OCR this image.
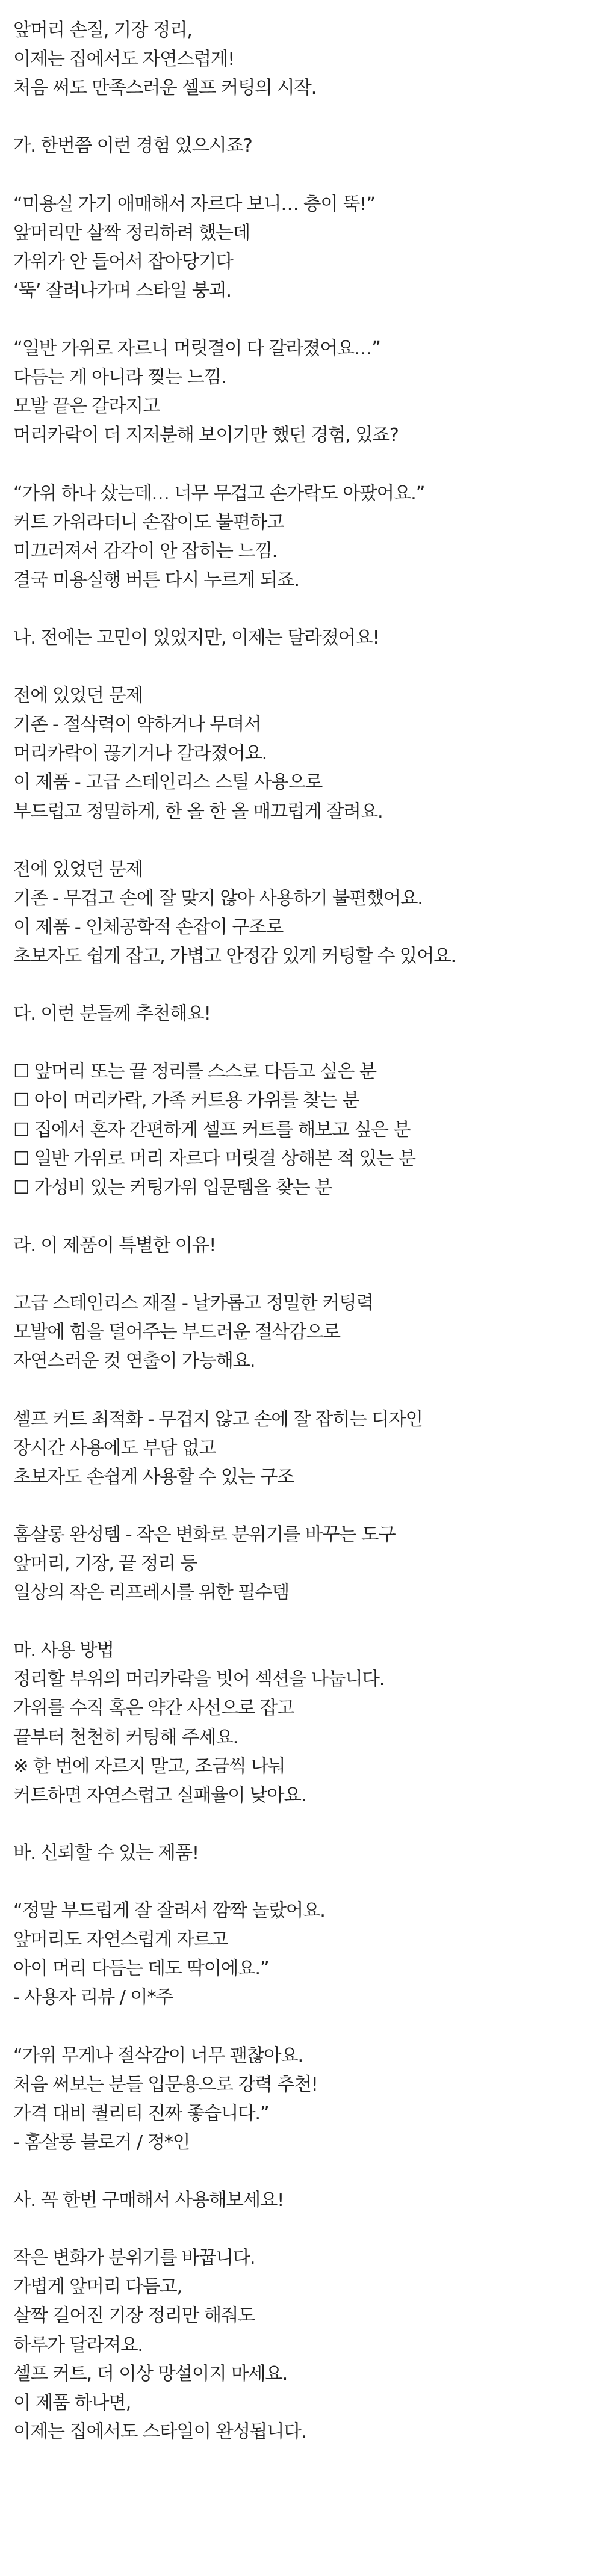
앞머리 손질, 기장 정리,
이제는 집에서도 자연스럽게!
처음 써도 만족스러운 셀프 커팅의 시작.
가. 한번쯤 이런 경험 있으시죠?
“미용실 가기 애매해서 자르다 보니… 층이 뚝!”
앞머리만 살짝 정리하려 했는데
가위가 안 들어서 잡아당기다
‘뚝’ 잘려나가며 스타일 붕괴.
“일반 가위로 자르니 머릿결이 다 갈라졌어요…”
다듬는 게 아니라 찢는 느낌.
모발 끝은 갈라지고
머리카락이 더 지저분해 보이기만 했던 경험, 있죠?
“가위 하나 샀는데… 너무 무겁고 손가락도 아팠어요.”
커트 가위라더니 손잡이도 불편하고
미끄러져서 감각이 안 잡히는 느낌.
결국 미용실행 버튼 다시 누르게 되죠.
나. 전에는 고민이 있었지만, 이제는 달라졌어요!
전에 있었던 문제
기존 - 절삭력이 약하거나 무뎌서
머리카락이 끊기거나 갈라졌어요.
이 제품 - 고급 스테인리스 스틸 사용으로
부드럽고 정밀하게, 한 올 한 올 매끄럽게 잘려요.
전에 있었던 문제
기존 - 무겁고 손에 잘 맞지 않아 사용하기 불편했어요.
이 제품 - 인체공학적 손잡이 구조로
초보자도 쉽게 잡고, 가볍고 안정감 있게 커팅할 수 있어요.
다. 이런 분들께 추천해요!
☐ 앞머리 또는 끝 정리를 스스로 다듬고 싶은 분
☐ 아이 머리카락, 가족 커트용 가위를 찾는 분
☐ 집에서 혼자 간편하게 셀프 커트를 해보고 싶은 분
☐ 일반 가위로 머리 자르다 머릿결 상해본 적 있는 분
☐ 가성비 있는 커팅가위 입문템을 찾는 분
라. 이 제품이 특별한 이유!
고급 스테인리스 재질 - 날카롭고 정밀한 커팅력
모발에 힘을 덜어주는 부드러운 절삭감으로
자연스러운 컷 연출이 가능해요.
셀프 커트 최적화 - 무겁지 않고 손에 잘 잡히는 디자인
장시간 사용에도 부담 없고
초보자도 손쉽게 사용할 수 있는 구조
홈살롱 완성템 - 작은 변화로 분위기를 바꾸는 도구
앞머리, 기장, 끝 정리 등
일상의 작은 리프레시를 위한 필수템
마. 사용 방법
정리할 부위의 머리카락을 빗어 섹션을 나눕니다.
가위를 수직 혹은 약간 사선으로 잡고
끝부터 천천히 커팅해 주세요.
※ 한 번에 자르지 말고, 조금씩 나눠
커트하면 자연스럽고 실패율이 낮아요.
바. 신뢰할 수 있는 제품!
“정말 부드럽게 잘 잘려서 깜짝 놀랐어요.
앞머리도 자연스럽게 자르고
아이 머리 다듬는 데도 딱이에요.”
- 사용자 리뷰 / 이*주
“가위 무게나 절삭감이 너무 괜찮아요.
처음 써보는 분들 입문용으로 강력 추천!
가격 대비 퀄리티 진짜 좋습니다.”
- 홈살롱 블로거 / 정*인
사. 꼭 한번 구매해서 사용해보세요!
작은 변화가 분위기를 바꿉니다.
가볍게 앞머리 다듬고,
살짝 길어진 기장 정리만 해줘도
하루가 달라져요.
셀프 커트, 더 이상 망설이지 마세요.
이 제품 하나면,
이제는 집에서도 스타일이 완성됩니다.
